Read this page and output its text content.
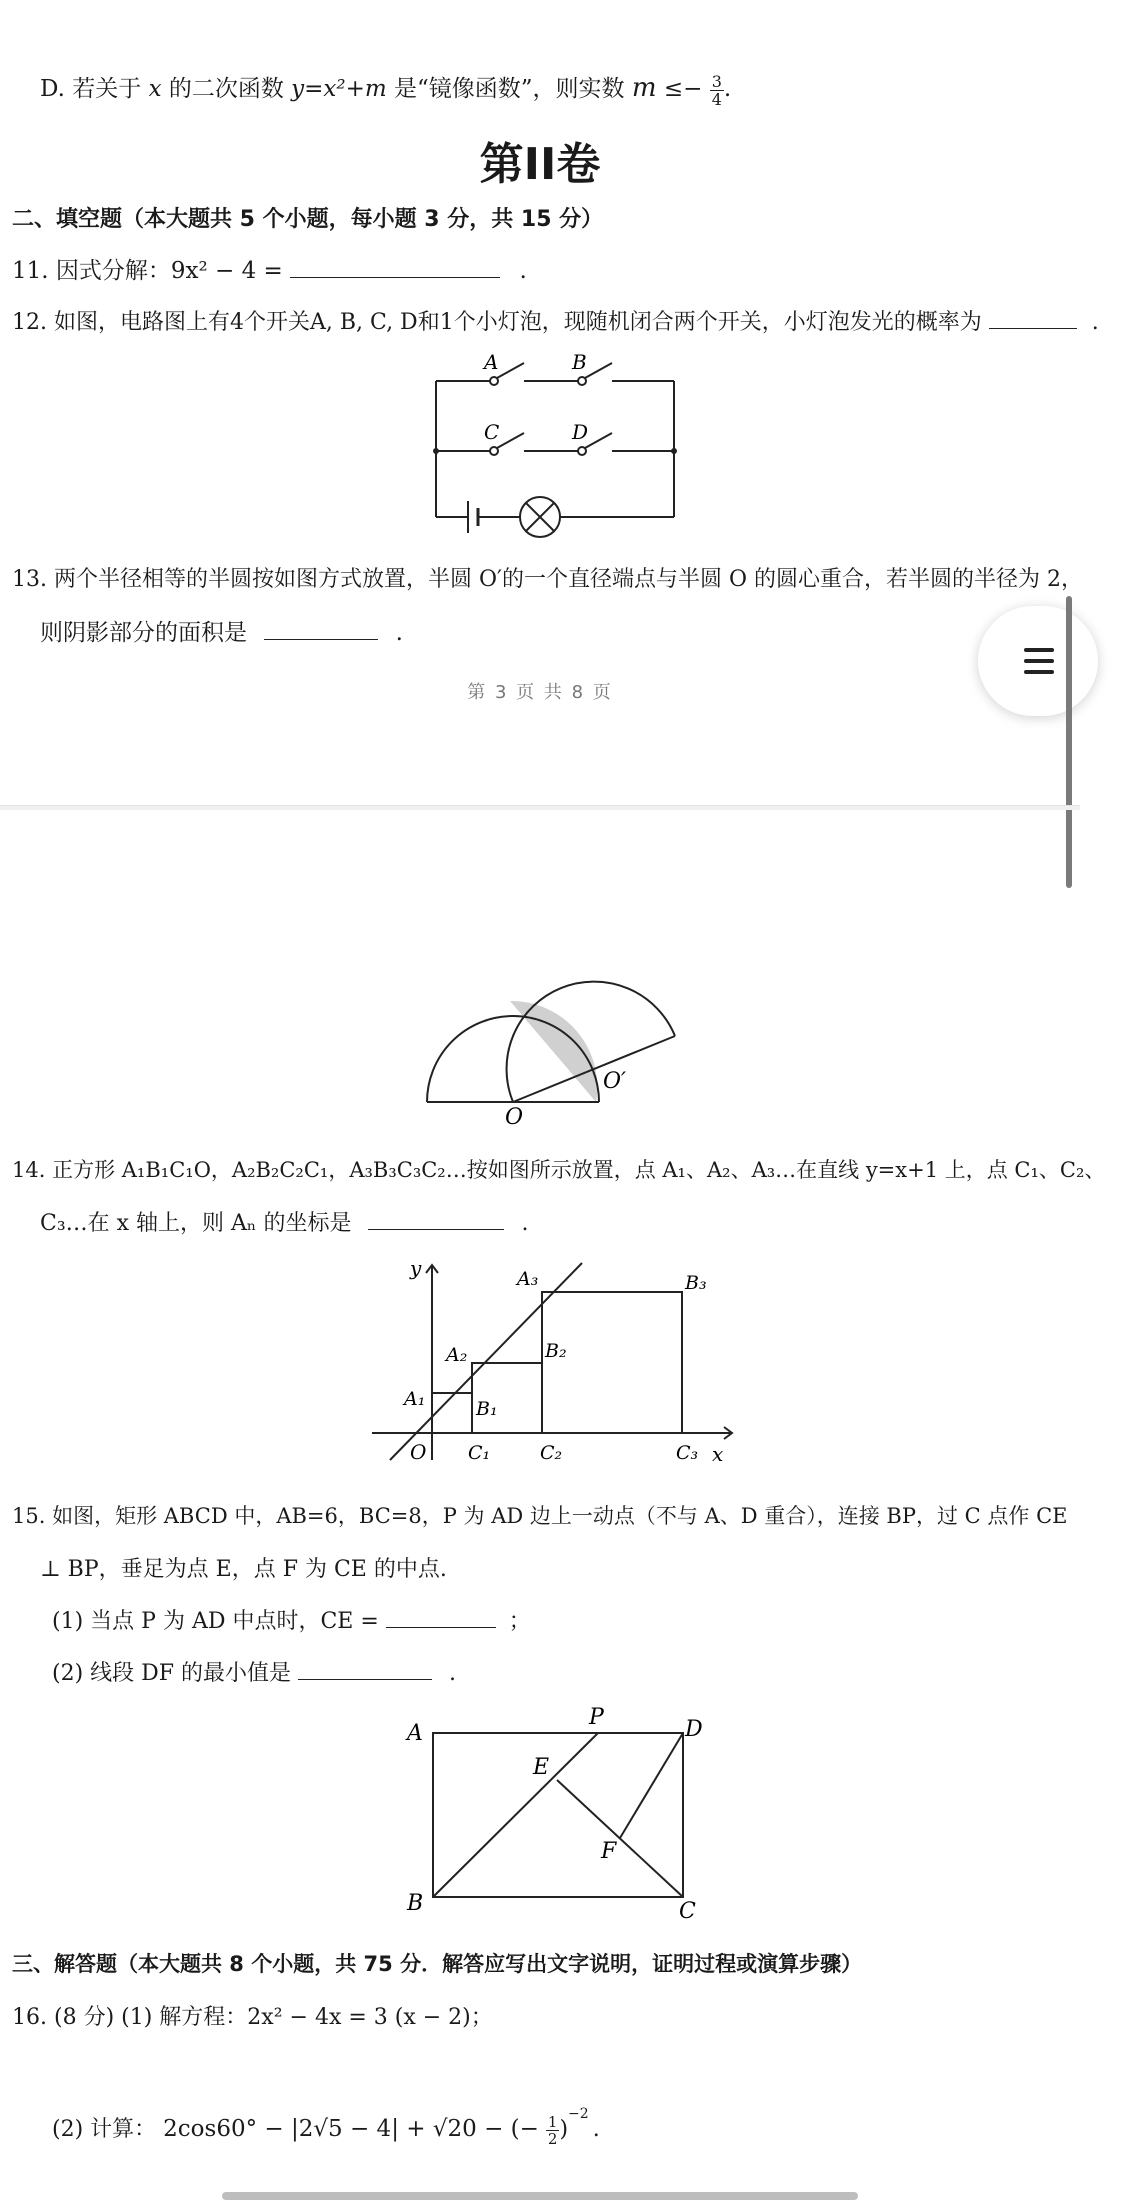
D. 若关于 x 的二次函数 y=x²+m 是“镜像函数”，则实数 $m \le- \frac{3}{4}$ .
第II卷
二、填空题（本大题共 5 个小题，每小题 3 分，共 15 分）
11. 因式分解：9x² − 4 =	.
12. 如图，电路图上有4个开关A, B, C, D和1个小灯泡，现随机闭合两个开关，小灯泡发光的概率为	.
A	B
C	D
13. 两个半径相等的半圆按如图方式放置，半圆 O′的一个直径端点与半圆 O 的圆心重合，若半圆的半径为 2，
则阴影部分的面积是	.
第 3 页 共 8 页
O
O′
14. 正方形 A₁B₁C₁O，A₂B₂C₂C₁，A₃B₃C₃C₂…按如图所示放置，点 A₁、A₂、A₃…在直线 y=x+1 上，点 C₁、C₂、
C₃…在 x 轴上，则 Aₙ 的坐标是	.
y
x
O
A₁
A₂
A₃
B₁
B₂
B₃
C₁	C₂	C₃
15. 如图，矩形 ABCD 中，AB=6，BC=8，P 为 AD 边上一动点（不与 A、D 重合），连接 BP，过 C 点作 CE
⊥ BP，垂足为点 E，点 F 为 CE 的中点.
(1) 当点 P 为 AD 中点时，CE =	；
(2) 线段 DF 的最小值是	.
A
B	C
D
P
E
F
三、解答题（本大题共 8 个小题，共 75 分．解答应写出文字说明，证明过程或演算步骤）
16. (8 分) (1) 解方程：2x² − 4x = 3 (x − 2)；
(2) 计算： 2cos60° − |2√5 − 4| + √20 − (− $\frac{1}{2} )^{-2}$.
